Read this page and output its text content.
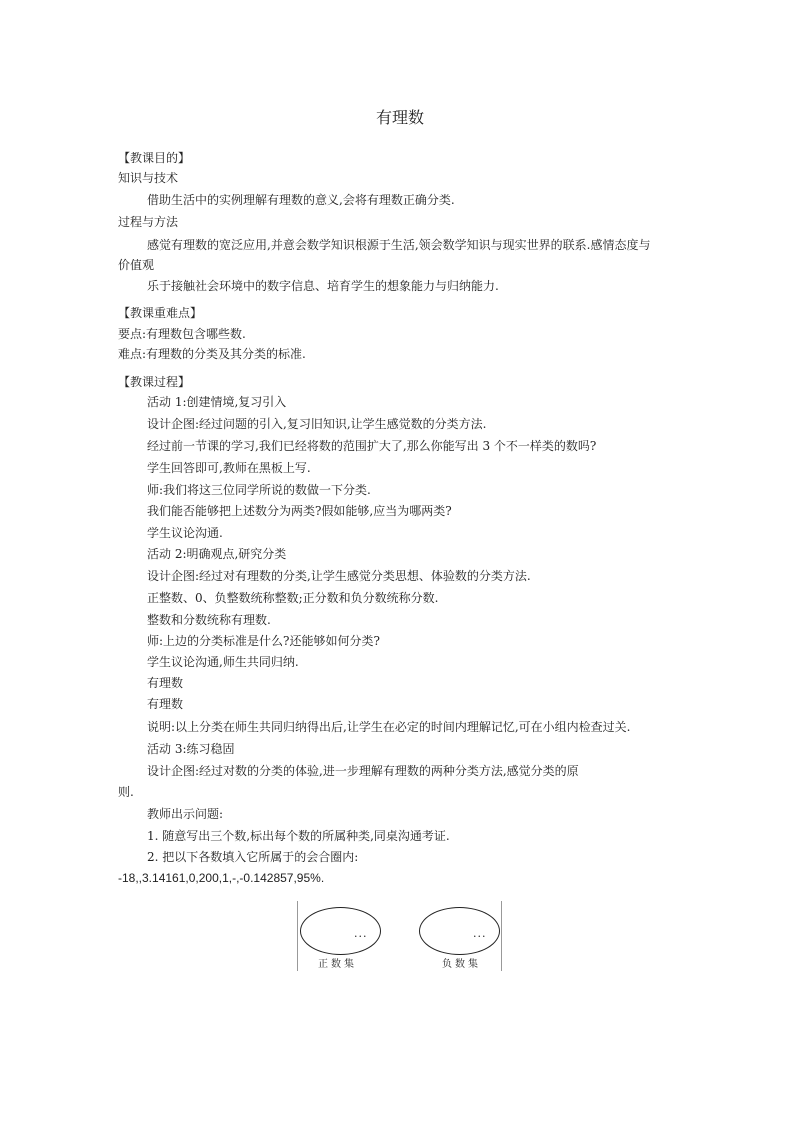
有理数
【教课目的】
知识与技术
借助生活中的实例理解有理数的意义,会将有理数正确分类.
过程与方法
感觉有理数的宽泛应用,并意会数学知识根源于生活,领会数学知识与现实世界的联系.感情态度与
价值观
乐于接触社会环境中的数字信息、培育学生的想象能力与归纳能力.
【教课重难点】
要点:有理数包含哪些数.
难点:有理数的分类及其分类的标准.
【教课过程】
活动 1:创建情境,复习引入
设计企图:经过问题的引入,复习旧知识,让学生感觉数的分类方法.
经过前一节课的学习,我们已经将数的范围扩大了,那么你能写出 3 个不一样类的数吗?
学生回答即可,教师在黑板上写.
师:我们将这三位同学所说的数做一下分类.
我们能否能够把上述数分为两类?假如能够,应当为哪两类?
学生议论沟通.
活动 2:明确观点,研究分类
设计企图:经过对有理数的分类,让学生感觉分类思想、体验数的分类方法.
正整数、0、负整数统称整数;正分数和负分数统称分数.
整数和分数统称有理数.
师:上边的分类标准是什么?还能够如何分类?
学生议论沟通,师生共同归纳.
有理数
有理数
说明:以上分类在师生共同归纳得出后,让学生在必定的时间内理解记忆,可在小组内检查过关.
活动 3:练习稳固
设计企图:经过对数的分类的体验,进一步理解有理数的两种分类方法,感觉分类的原
则.
教师出示问题:
1. 随意写出三个数,标出每个数的所属种类,同桌沟通考证.
2. 把以下各数填入它所属于的会合圈内:
-18,,3.14161,0,200,1,-,-0.142857,95%.
...
正数集
...
负数集
